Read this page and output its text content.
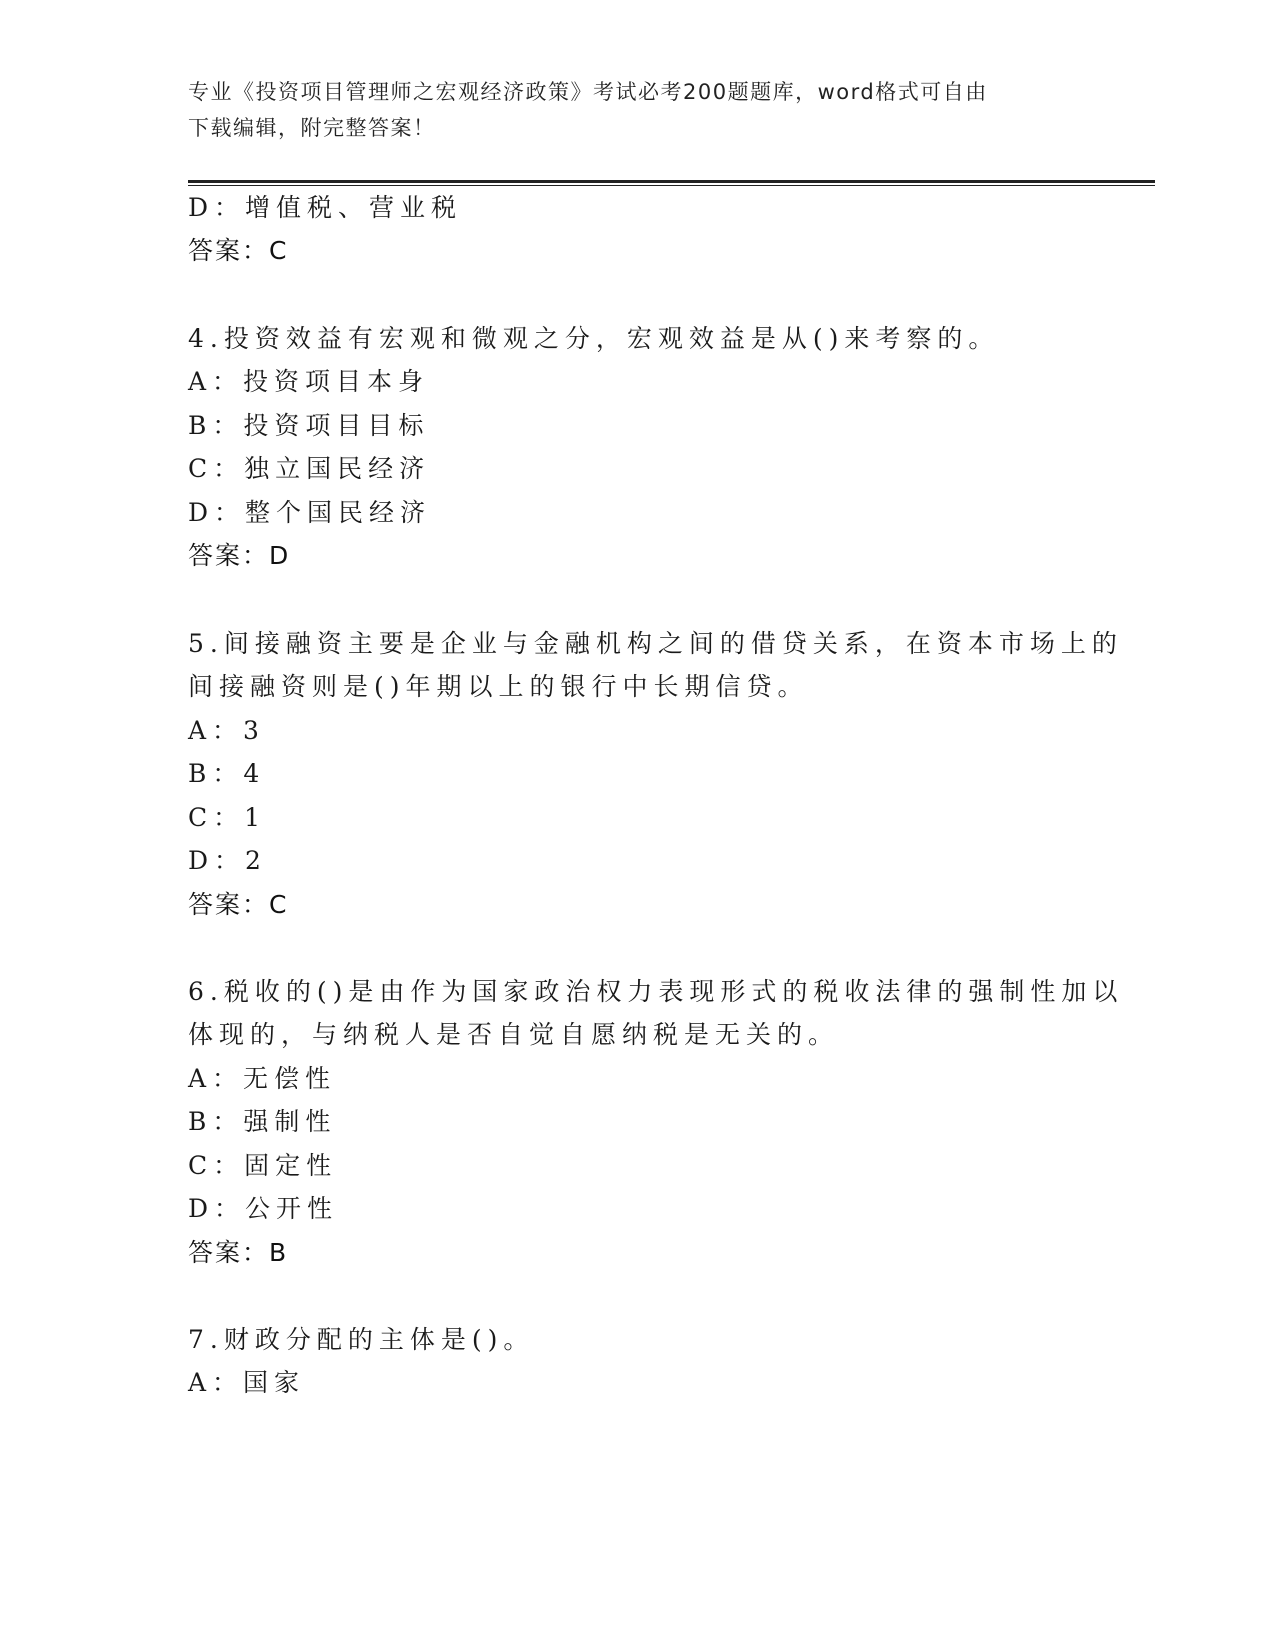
专业《投资项目管理师之宏观经济政策》考试必考200题题库，word格式可自由
下载编辑，附完整答案！
D：增值税、营业税
答案：C
4.投资效益有宏观和微观之分，宏观效益是从()来考察的。
A：投资项目本身
B：投资项目目标
C：独立国民经济
D：整个国民经济
答案：D
5.间接融资主要是企业与金融机构之间的借贷关系，在资本市场上的
间接融资则是()年期以上的银行中长期信贷。
A：3
B：4
C：1
D：2
答案：C
6.税收的()是由作为国家政治权力表现形式的税收法律的强制性加以
体现的，与纳税人是否自觉自愿纳税是无关的。
A：无偿性
B：强制性
C：固定性
D：公开性
答案：B
7.财政分配的主体是()。
A：国家
